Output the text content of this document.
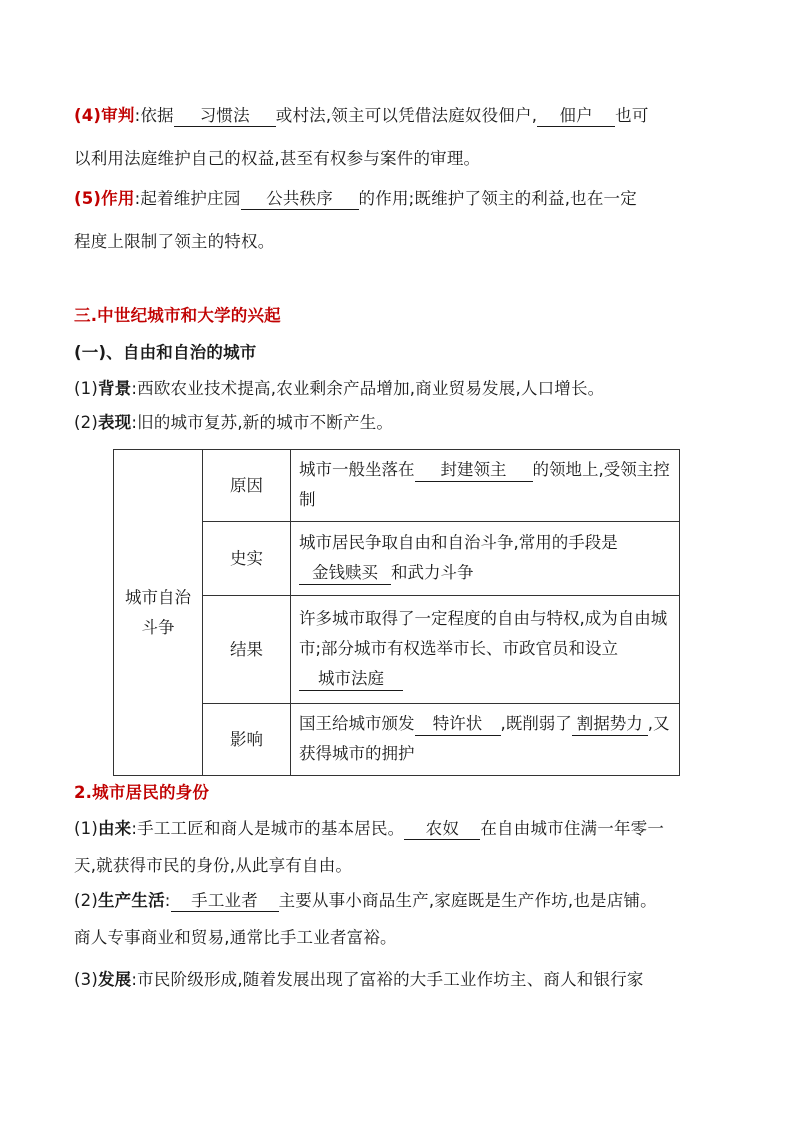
(4)审判:依据 习惯法 或村法,领主可以凭借法庭奴役佃户, 佃户 也可
以利用法庭维护自己的权益,甚至有权参与案件的审理。
(5)作用:起着维护庄园 公共秩序 的作用;既维护了领主的利益,也在一定
程度上限制了领主的特权。
三.中世纪城市和大学的兴起
(一)、自由和自治的城市
(1)背景:西欧农业技术提高,农业剩余产品增加,商业贸易发展,人口增长。
(2)表现:旧的城市复苏,新的城市不断产生。
城市自治斗争	原因	城市一般坐落在 封建领主 的领地上,受领主控制
	史实	城市居民争取自由和自治斗争,常用的手段是金钱赎买 和武力斗争
	结果	许多城市取得了一定程度的自由与特权,成为自由城市;部分城市有权选举市长、市政官员和设立城市法庭
	影响	国王给城市颁发 特许状 ,既削弱了 割据势力 ,又获得城市的拥护
2.城市居民的身份
(1)由来:手工工匠和商人是城市的基本居民。 农奴 在自由城市住满一年零一
天,就获得市民的身份,从此享有自由。
(2)生产生活: 手工业者 主要从事小商品生产,家庭既是生产作坊,也是店铺。
商人专事商业和贸易,通常比手工业者富裕。
(3)发展:市民阶级形成,随着发展出现了富裕的大手工业作坊主、商人和银行家
